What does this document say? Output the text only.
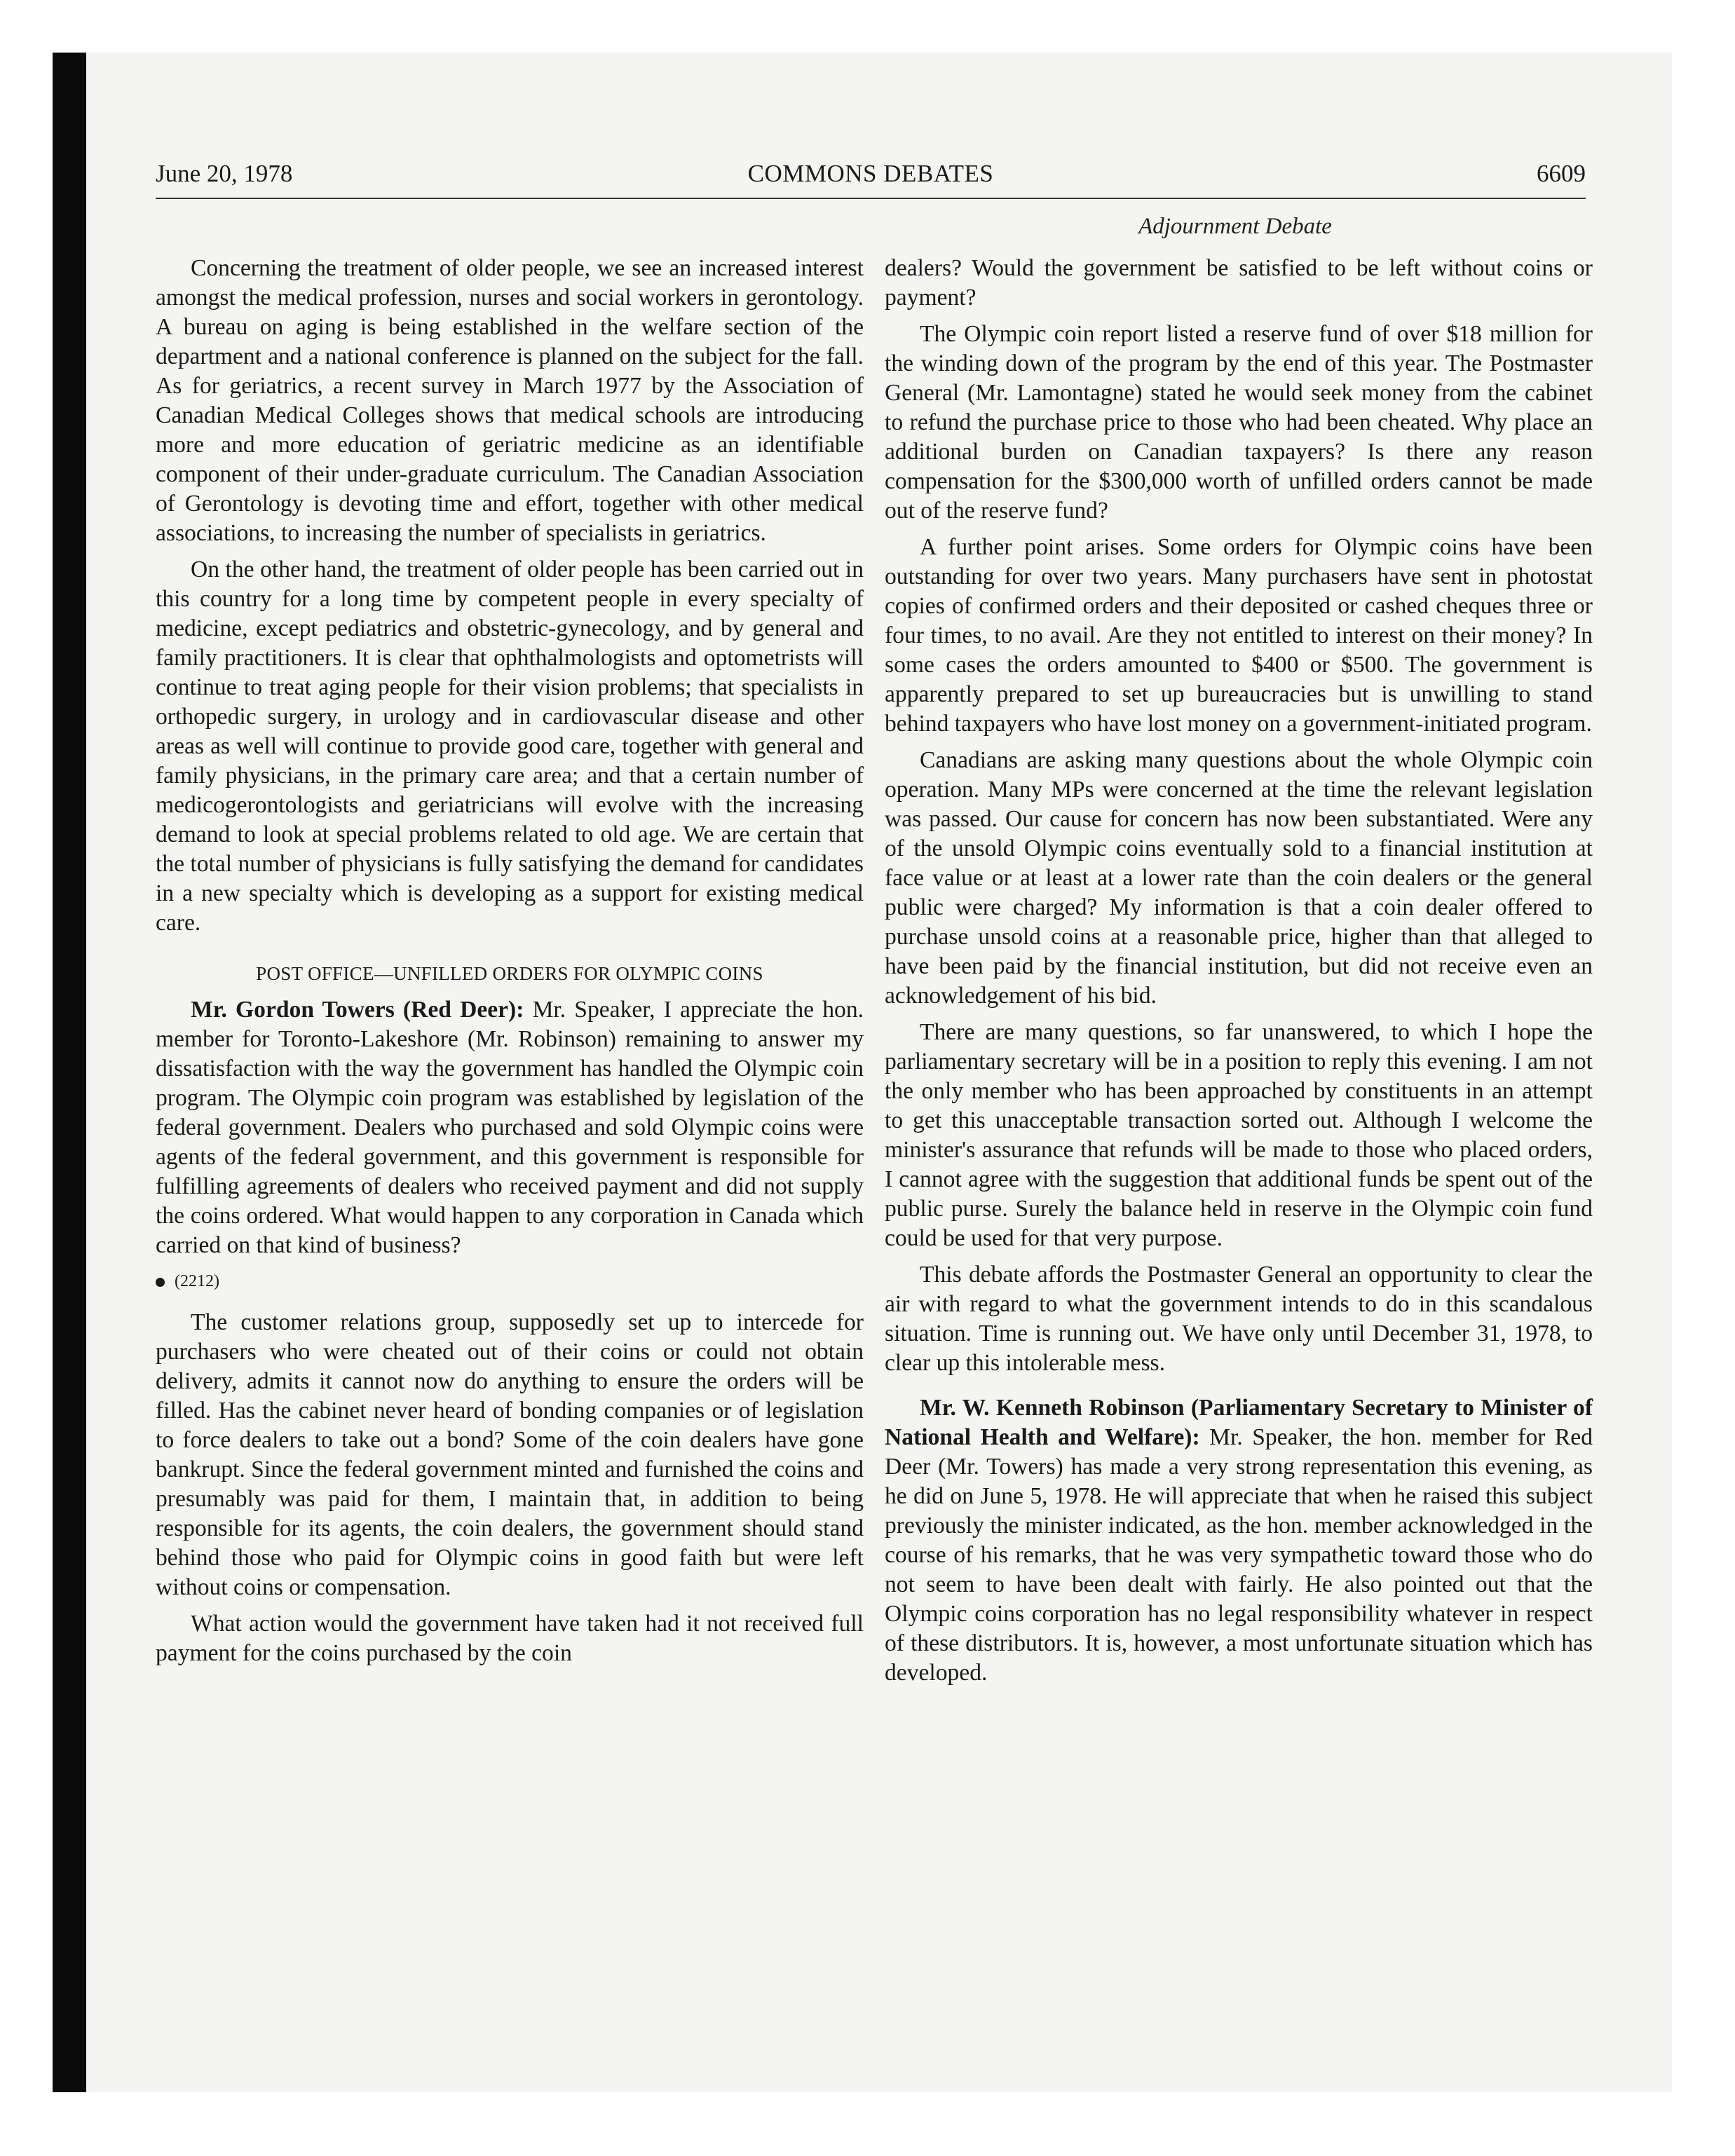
June 20, 1978	COMMONS DEBATES	6609
Adjournment Debate

Concerning the treatment of older people, we see an increased interest amongst the medical profession, nurses and social workers in gerontology. A bureau on aging is being established in the welfare section of the department and a national conference is planned on the subject for the fall. As for geriatrics, a recent survey in March 1977 by the Association of Canadian Medical Colleges shows that medical schools are introducing more and more education of geriatric medicine as an identifiable component of their under-graduate curriculum. The Canadian Association of Gerontology is devoting time and effort, together with other medical associations, to increasing the number of specialists in geriatrics.

On the other hand, the treatment of older people has been carried out in this country for a long time by competent people in every specialty of medicine, except pediatrics and obstetric-gynecology, and by general and family practitioners. It is clear that ophthalmologists and optometrists will continue to treat aging people for their vision problems; that specialists in orthopedic surgery, in urology and in cardiovascular disease and other areas as well will continue to provide good care, together with general and family physicians, in the primary care area; and that a certain number of medicogerontologists and geriatricians will evolve with the increasing demand to look at special problems related to old age. We are certain that the total number of physicians is fully satisfying the demand for candidates in a new specialty which is developing as a support for existing medical care.

POST OFFICE—UNFILLED ORDERS FOR OLYMPIC COINS

Mr. Gordon Towers (Red Deer): Mr. Speaker, I appreciate the hon. member for Toronto-Lakeshore (Mr. Robinson) remaining to answer my dissatisfaction with the way the government has handled the Olympic coin program. The Olympic coin program was established by legislation of the federal government. Dealers who purchased and sold Olympic coins were agents of the federal government, and this government is responsible for fulfilling agreements of dealers who received payment and did not supply the coins ordered. What would happen to any corporation in Canada which carried on that kind of business?

(2212)

The customer relations group, supposedly set up to intercede for purchasers who were cheated out of their coins or could not obtain delivery, admits it cannot now do anything to ensure the orders will be filled. Has the cabinet never heard of bonding companies or of legislation to force dealers to take out a bond? Some of the coin dealers have gone bankrupt. Since the federal government minted and furnished the coins and presumably was paid for them, I maintain that, in addition to being responsible for its agents, the coin dealers, the government should stand behind those who paid for Olympic coins in good faith but were left without coins or compensation.

What action would the government have taken had it not received full payment for the coins purchased by the coin

dealers? Would the government be satisfied to be left without coins or payment?

The Olympic coin report listed a reserve fund of over $18 million for the winding down of the program by the end of this year. The Postmaster General (Mr. Lamontagne) stated he would seek money from the cabinet to refund the purchase price to those who had been cheated. Why place an additional burden on Canadian taxpayers? Is there any reason compensation for the $300,000 worth of unfilled orders cannot be made out of the reserve fund?

A further point arises. Some orders for Olympic coins have been outstanding for over two years. Many purchasers have sent in photostat copies of confirmed orders and their deposited or cashed cheques three or four times, to no avail. Are they not entitled to interest on their money? In some cases the orders amounted to $400 or $500. The government is apparently prepared to set up bureaucracies but is unwilling to stand behind taxpayers who have lost money on a government-initiated program.

Canadians are asking many questions about the whole Olympic coin operation. Many MPs were concerned at the time the relevant legislation was passed. Our cause for concern has now been substantiated. Were any of the unsold Olympic coins eventually sold to a financial institution at face value or at least at a lower rate than the coin dealers or the general public were charged? My information is that a coin dealer offered to purchase unsold coins at a reasonable price, higher than that alleged to have been paid by the financial institution, but did not receive even an acknowledgement of his bid.

There are many questions, so far unanswered, to which I hope the parliamentary secretary will be in a position to reply this evening. I am not the only member who has been approached by constituents in an attempt to get this unacceptable transaction sorted out. Although I welcome the minister's assurance that refunds will be made to those who placed orders, I cannot agree with the suggestion that additional funds be spent out of the public purse. Surely the balance held in reserve in the Olympic coin fund could be used for that very purpose.

This debate affords the Postmaster General an opportunity to clear the air with regard to what the government intends to do in this scandalous situation. Time is running out. We have only until December 31, 1978, to clear up this intolerable mess.

Mr. W. Kenneth Robinson (Parliamentary Secretary to Minister of National Health and Welfare): Mr. Speaker, the hon. member for Red Deer (Mr. Towers) has made a very strong representation this evening, as he did on June 5, 1978. He will appreciate that when he raised this subject previously the minister indicated, as the hon. member acknowledged in the course of his remarks, that he was very sympathetic toward those who do not seem to have been dealt with fairly. He also pointed out that the Olympic coins corporation has no legal responsibility whatever in respect of these distributors. It is, however, a most unfortunate situation which has developed.
